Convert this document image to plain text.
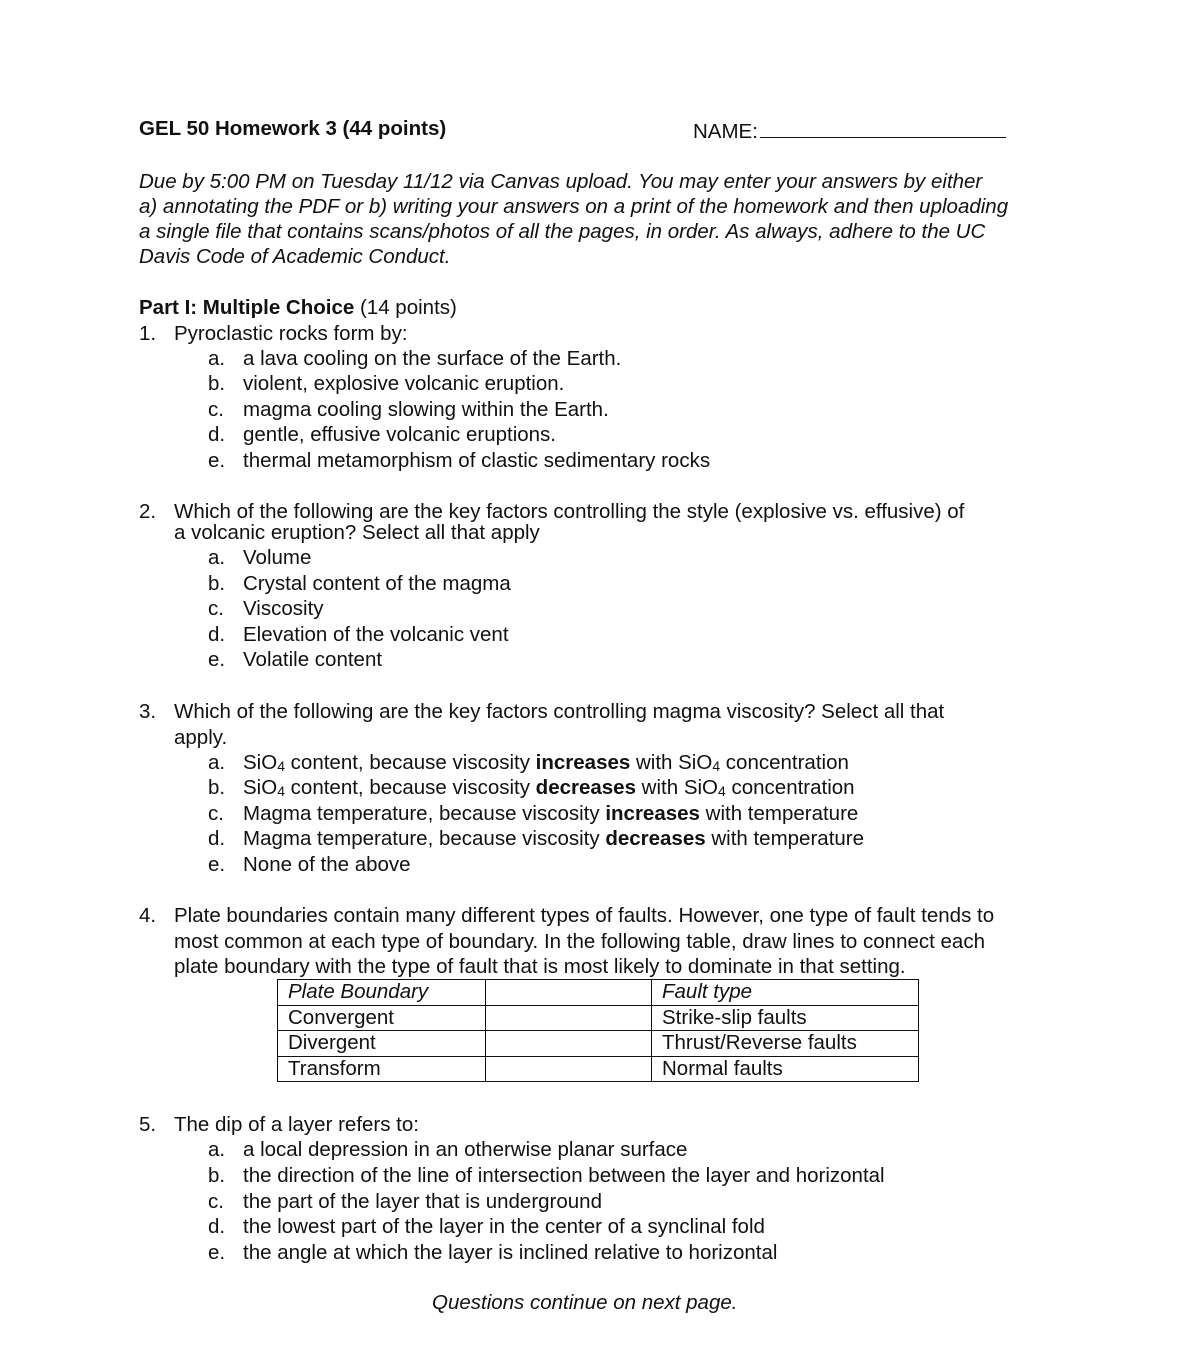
GEL 50 Homework 3 (44 points)	NAME:
Due by 5:00 PM on Tuesday 11/12 via Canvas upload. You may enter your answers by either
a) annotating the PDF or b) writing your answers on a print of the homework and then uploading
a single file that contains scans/photos of all the pages, in order. As always, adhere to the UC
Davis Code of Academic Conduct.
Part I: Multiple Choice (14 points)
1. Pyroclastic rocks form by:
a. a lava cooling on the surface of the Earth.
b. violent, explosive volcanic eruption.
c. magma cooling slowing within the Earth.
d. gentle, effusive volcanic eruptions.
e. thermal metamorphism of clastic sedimentary rocks
2. Which of the following are the key factors controlling the style (explosive vs. effusive) of
a volcanic eruption? Select all that apply
a. Volume
b. Crystal content of the magma
c. Viscosity
d. Elevation of the volcanic vent
e. Volatile content
3. Which of the following are the key factors controlling magma viscosity? Select all that
apply.
a. SiO$_4$ content, because viscosity increases with SiO$_4$ concentration
b. SiO$_4$ content, because viscosity decreases with SiO$_4$ concentration
c. Magma temperature, because viscosity increases with temperature
d. Magma temperature, because viscosity decreases with temperature
e. None of the above
4. Plate boundaries contain many different types of faults. However, one type of fault tends to
most common at each type of boundary. In the following table, draw lines to connect each
plate boundary with the type of fault that is most likely to dominate in that setting.
Plate Boundary		Fault type
Convergent		Strike-slip faults
Divergent		Thrust/Reverse faults
Transform		Normal faults
5. The dip of a layer refers to:
a. a local depression in an otherwise planar surface
b. the direction of the line of intersection between the layer and horizontal
c. the part of the layer that is underground
d. the lowest part of the layer in the center of a synclinal fold
e. the angle at which the layer is inclined relative to horizontal
Questions continue on next page.
